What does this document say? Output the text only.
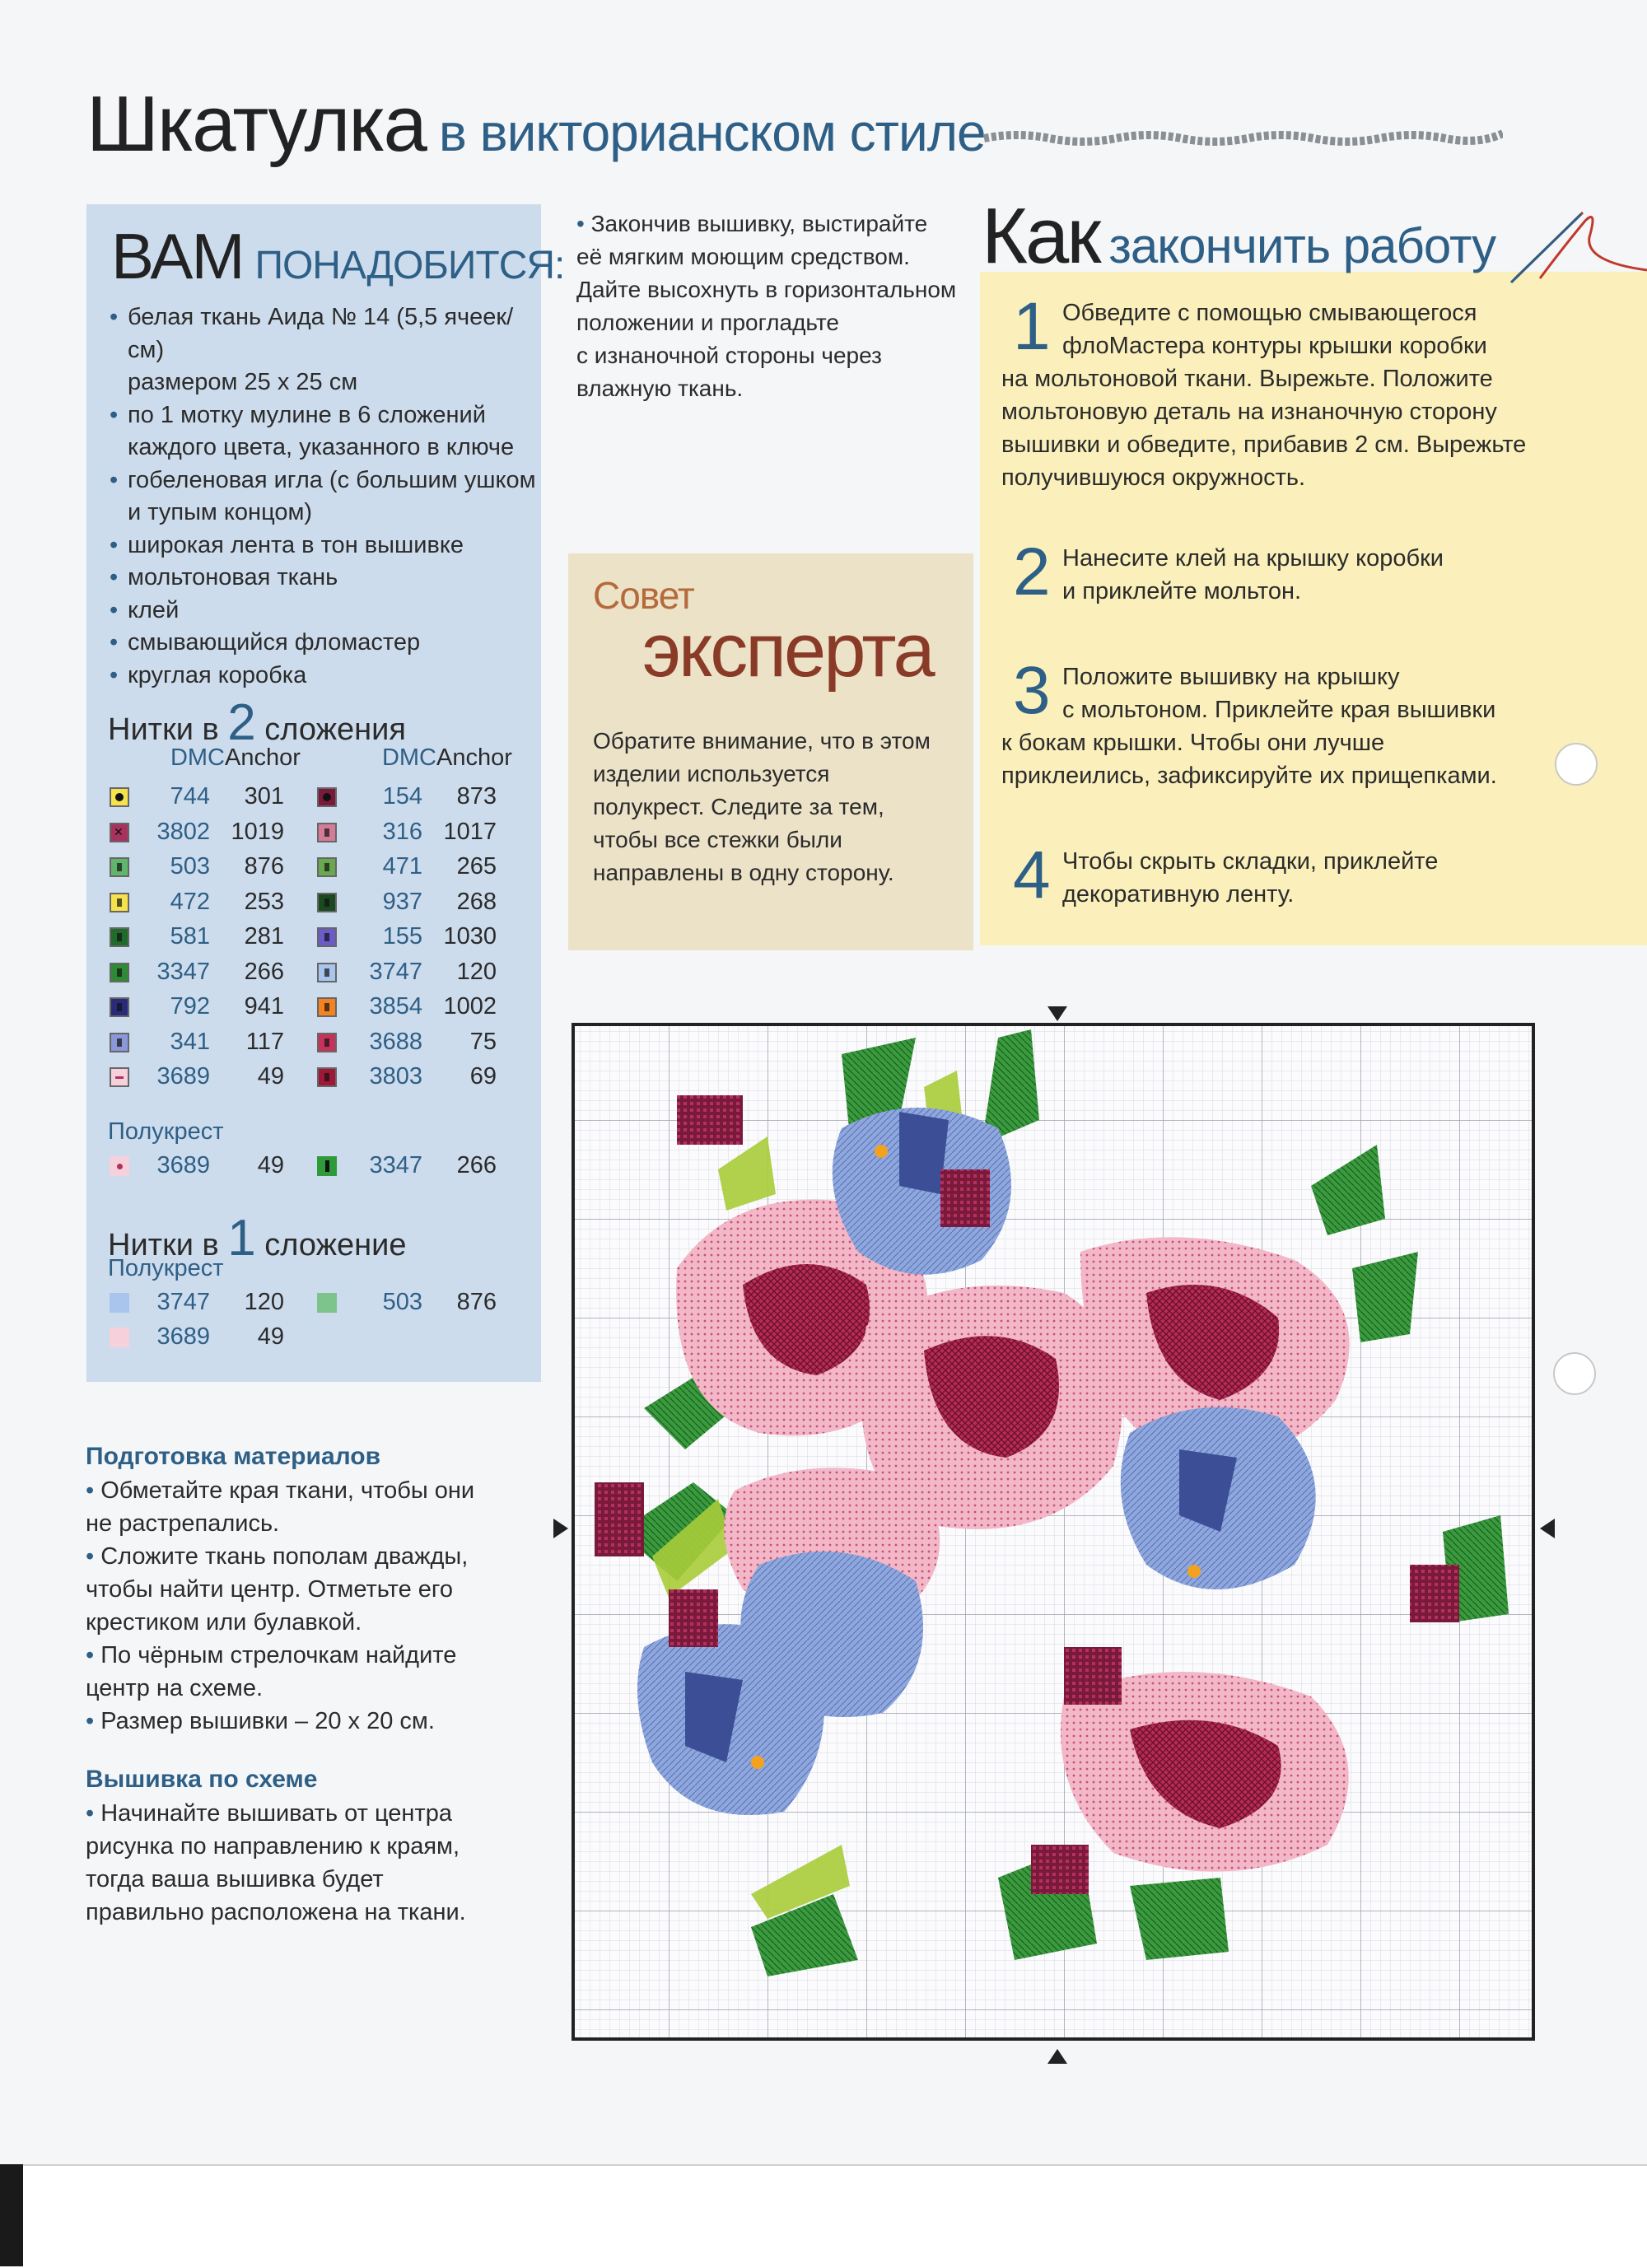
Шкатулка в викторианском стиле
ВАМ ПОНАДОБИТСЯ:
• белая ткань Аида № 14 (5,5 ячеек/см)
размером 25 х 25 см
• по 1 мотку мулине в 6 сложений
каждого цвета, указанного в ключе
• гобеленовая игла (с большим ушком
и тупым концом)
• широкая лента в тон вышивке
• мольтоновая ткань
• клей
• смывающийся фломастер
• круглая коробка
Нитки в 2 сложения
DMC Anchor	DMC Anchor
744	301	154	873
✕	3802 1019	316 1017
503	876	471	265
472	253	937	268
581	281	155 1030
3347	266	3747	120
792	941	3854 1002
341	117	3688	75
3689	49	3803	69
Полукрест
3689	49	3347	266
Нитки в 1 сложение
Полукрест
3747	120	503	876
3689	49
• Закончив вышивку, выстирайте
её мягким моющим средством.
Дайте высохнуть в горизонтальном
положении и прогладьте
с изнаночной стороны через
влажную ткань.
Совет
эксперта
Обратите внимание, что в этом
изделии используется
полукрест. Следите за тем,
чтобы все стежки были
направлены в одну сторону.
Как закончить работу
1 Обведите с помощью смывающегося
флоМастера контуры крышки коробки
на мольтоновой ткани. Вырежьте. Положите
мольтоновую деталь на изнаночную сторону
вышивки и обведите, прибавив 2 см. Вырежьте
получившуюся окружность.
2 Нанесите клей на крышку коробки
и приклейте мольтон.
3 Положите вышивку на крышку
с мольтоном. Приклейте края вышивки
к бокам крышки. Чтобы они лучше
приклеились, зафиксируйте их прищепками.
4 Чтобы скрыть складки, приклейте
декоративную ленту.
Подготовка материалов
• Обметайте края ткани, чтобы они
не растрепались.
• Сложите ткань пополам дважды,
чтобы найти центр. Отметьте его
крестиком или булавкой.
• По чёрным стрелочкам найдите
центр на схеме.
• Размер вышивки – 20 х 20 см.
Вышивка по схеме
• Начинайте вышивать от центра
рисунка по направлению к краям,
тогда ваша вышивка будет
правильно расположена на ткани.
